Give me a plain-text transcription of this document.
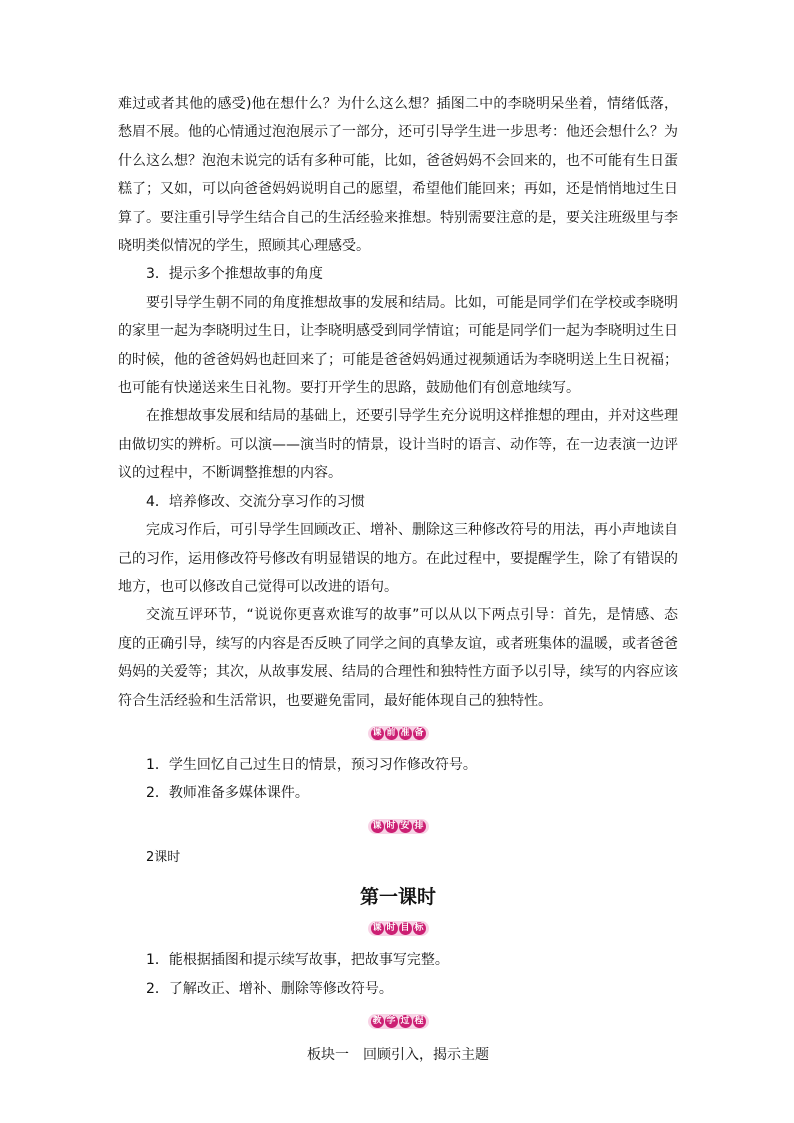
难过或者其他的感受)他在想什么？为什么这么想？插图二中的李晓明呆坐着，情绪低落，愁眉不展。他的心情通过泡泡展示了一部分，还可引导学生进一步思考：他还会想什么？为什么这么想？泡泡未说完的话有多种可能，比如，爸爸妈妈不会回来的，也不可能有生日蛋糕了；又如，可以向爸爸妈妈说明自己的愿望，希望他们能回来；再如，还是悄悄地过生日算了。要注重引导学生结合自己的生活经验来推想。特别需要注意的是，要关注班级里与李晓明类似情况的学生，照顾其心理感受。

3．提示多个推想故事的角度

要引导学生朝不同的角度推想故事的发展和结局。比如，可能是同学们在学校或李晓明的家里一起为李晓明过生日，让李晓明感受到同学情谊；可能是同学们一起为李晓明过生日的时候，他的爸爸妈妈也赶回来了；可能是爸爸妈妈通过视频通话为李晓明送上生日祝福；也可能有快递送来生日礼物。要打开学生的思路，鼓励他们有创意地续写。

在推想故事发展和结局的基础上，还要引导学生充分说明这样推想的理由，并对这些理由做切实的辨析。可以演——演当时的情景，设计当时的语言、动作等，在一边表演一边评议的过程中，不断调整推想的内容。

4．培养修改、交流分享习作的习惯

完成习作后，可引导学生回顾改正、增补、删除这三种修改符号的用法，再小声地读自己的习作，运用修改符号修改有明显错误的地方。在此过程中，要提醒学生，除了有错误的地方，也可以修改自己觉得可以改进的语句。

交流互评环节，“说说你更喜欢谁写的故事”可以从以下两点引导：首先，是情感、态度的正确引导，续写的内容是否反映了同学之间的真挚友谊，或者班集体的温暖，或者爸爸妈妈的关爱等；其次，从故事发展、结局的合理性和独特性方面予以引导，续写的内容应该符合生活经验和生活常识，也要避免雷同，最好能体现自己的独特性。

课 前 准 备

1．学生回忆自己过生日的情景，预习习作修改符号。

2．教师准备多媒体课件。

课 时 安 排

2课时

第一课时
课 时 目 标

1．能根据插图和提示续写故事，把故事写完整。

2．了解改正、增补、删除等修改符号。

教 学 过 程
板块一　回顾引入，揭示主题
